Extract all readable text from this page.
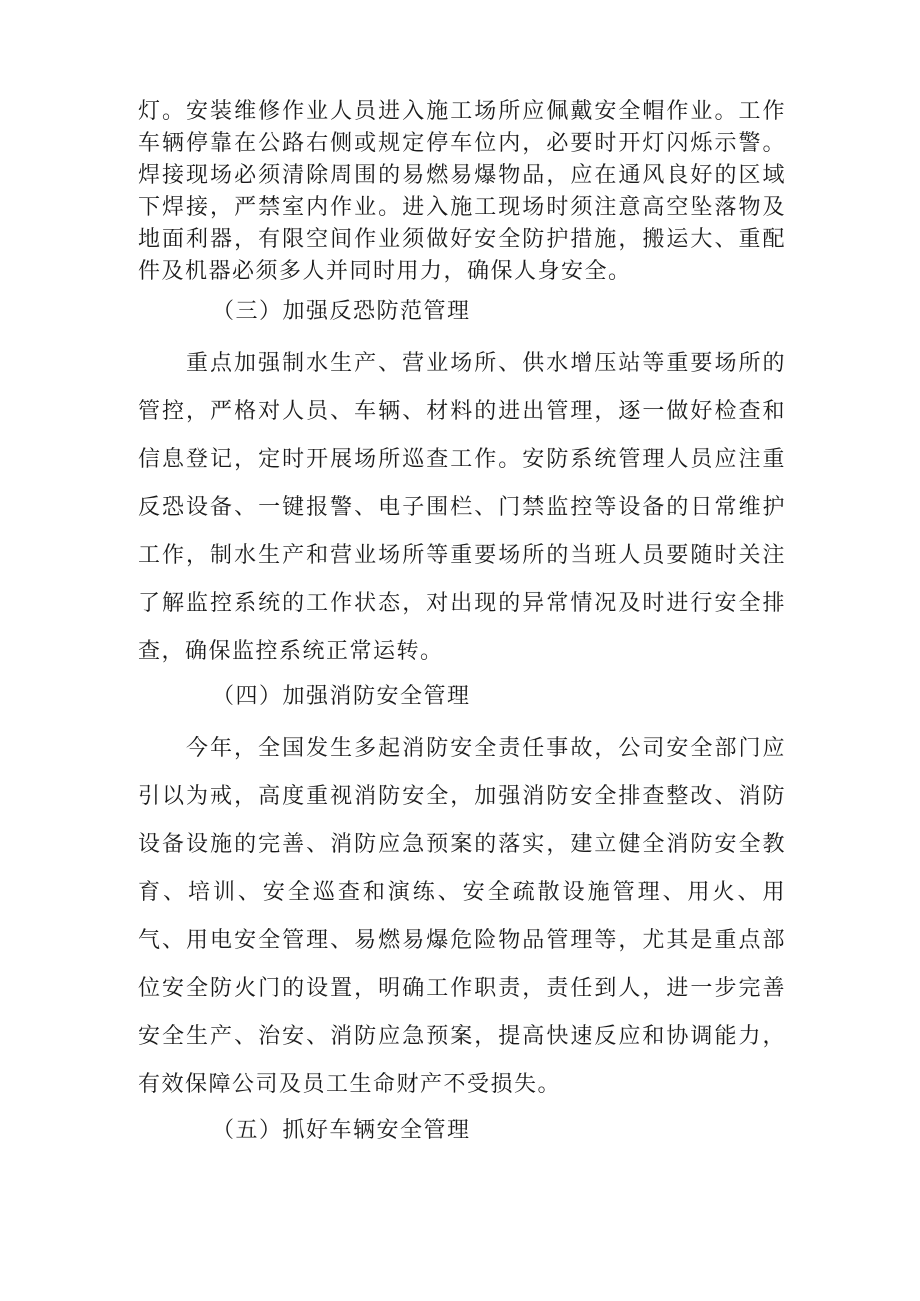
灯。安装维修作业人员进入施工场所应佩戴安全帽作业。工作车辆停靠在公路右侧或规定停车位内，必要时开灯闪烁示警。焊接现场必须清除周围的易燃易爆物品，应在通风良好的区域下焊接，严禁室内作业。进入施工现场时须注意高空坠落物及地面利器，有限空间作业须做好安全防护措施，搬运大、重配件及机器必须多人并同时用力，确保人身安全。

（三）加强反恐防范管理

重点加强制水生产、营业场所、供水增压站等重要场所的管控，严格对人员、车辆、材料的进出管理，逐一做好检查和信息登记，定时开展场所巡查工作。安防系统管理人员应注重反恐设备、一键报警、电子围栏、门禁监控等设备的日常维护工作，制水生产和营业场所等重要场所的当班人员要随时关注了解监控系统的工作状态，对出现的异常情况及时进行安全排查，确保监控系统正常运转。

（四）加强消防安全管理

今年，全国发生多起消防安全责任事故，公司安全部门应引以为戒，高度重视消防安全，加强消防安全排查整改、消防设备设施的完善、消防应急预案的落实，建立健全消防安全教育、培训、安全巡查和演练、安全疏散设施管理、用火、用气、用电安全管理、易燃易爆危险物品管理等，尤其是重点部位安全防火门的设置，明确工作职责，责任到人，进一步完善安全生产、治安、消防应急预案，提高快速反应和协调能力，有效保障公司及员工生命财产不受损失。

（五）抓好车辆安全管理
